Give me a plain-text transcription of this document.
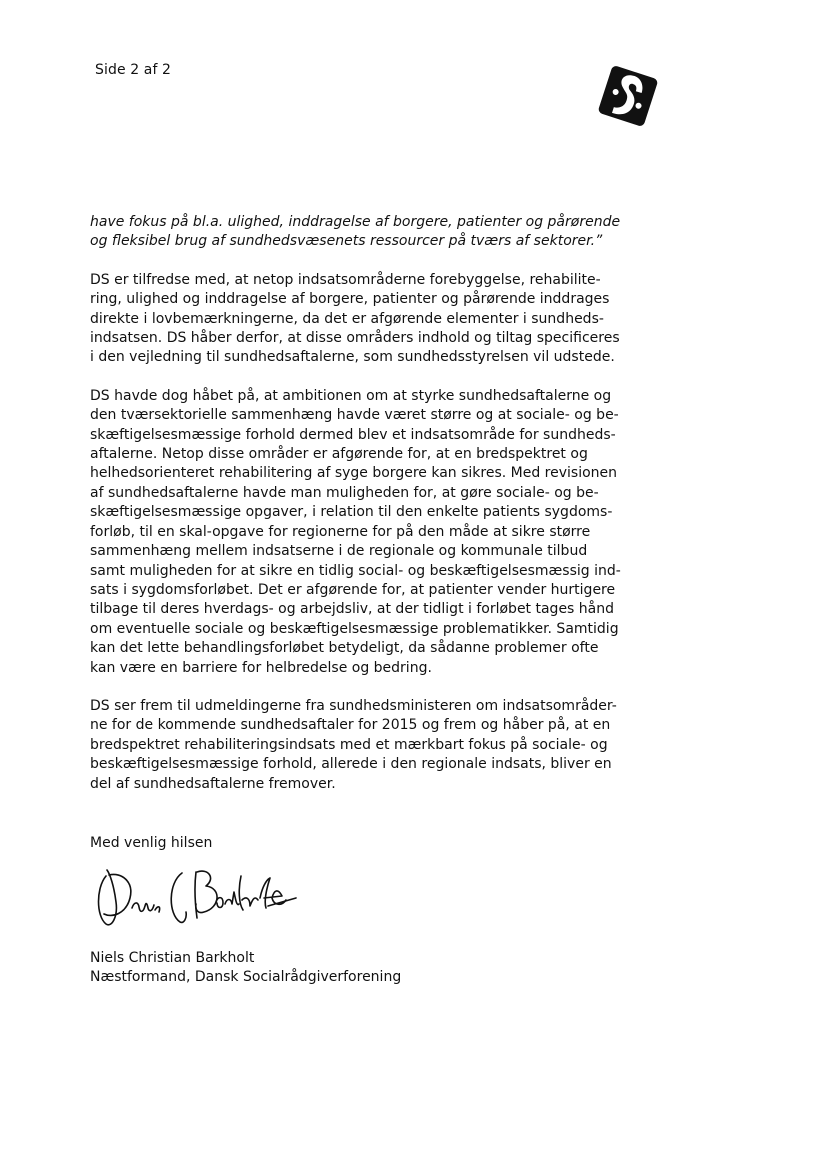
Side 2 af 2
have fokus på bl.a. ulighed, inddragelse af borgere, patienter og pårørende
og fleksibel brug af sundhedsvæsenets ressourcer på tværs af sektorer.”
DS er tilfredse med, at netop indsatsområderne forebyggelse, rehabilite-
ring, ulighed og inddragelse af borgere, patienter og pårørende inddrages
direkte i lovbemærkningerne, da det er afgørende elementer i sundheds-
indsatsen. DS håber derfor, at disse områders indhold og tiltag specificeres
i den vejledning til sundhedsaftalerne, som sundhedsstyrelsen vil udstede.
DS havde dog håbet på, at ambitionen om at styrke sundhedsaftalerne og
den tværsektorielle sammenhæng havde været større og at sociale- og be-
skæftigelsesmæssige forhold dermed blev et indsatsområde for sundheds-
aftalerne. Netop disse områder er afgørende for, at en bredspektret og
helhedsorienteret rehabilitering af syge borgere kan sikres. Med revisionen
af sundhedsaftalerne havde man muligheden for, at gøre sociale- og be-
skæftigelsesmæssige opgaver, i relation til den enkelte patients sygdoms-
forløb, til en skal-opgave for regionerne for på den måde at sikre større
sammenhæng mellem indsatserne i de regionale og kommunale tilbud
samt muligheden for at sikre en tidlig social- og beskæftigelsesmæssig ind-
sats i sygdomsforløbet. Det er afgørende for, at patienter vender hurtigere
tilbage til deres hverdags- og arbejdsliv, at der tidligt i forløbet tages hånd
om eventuelle sociale og beskæftigelsesmæssige problematikker. Samtidig
kan det lette behandlingsforløbet betydeligt, da sådanne problemer ofte
kan være en barriere for helbredelse og bedring.
DS ser frem til udmeldingerne fra sundhedsministeren om indsatsområder-
ne for de kommende sundhedsaftaler for 2015 og frem og håber på, at en
bredspektret rehabiliteringsindsats med et mærkbart fokus på sociale- og
beskæftigelsesmæssige forhold, allerede i den regionale indsats, bliver en
del af sundhedsaftalerne fremover.
Med venlig hilsen
Niels Christian Barkholt
Næstformand, Dansk Socialrådgiverforening
